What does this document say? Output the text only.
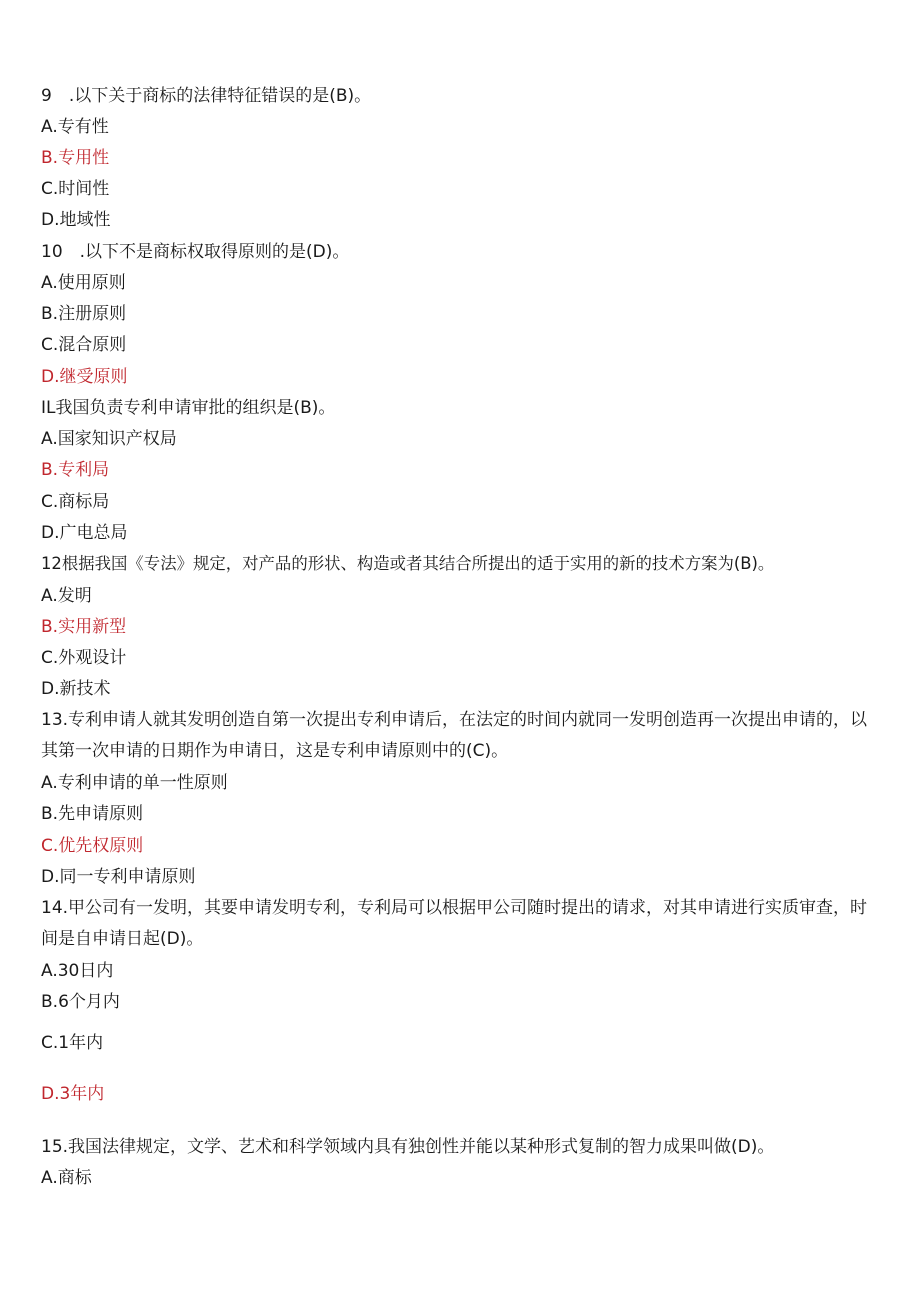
9　.以下关于商标的法律特征错误的是(B)。
A.专有性
B.专用性
C.时间性
D.地域性
10　.以下不是商标权取得原则的是(D)。
A.使用原则
B.注册原则
C.混合原则
D.继受原则
IL我国负责专利申请审批的组织是(B)。
A.国家知识产权局
B.专利局
C.商标局
D.广电总局
12根据我国《专法》规定，对产品的形状、构造或者其结合所提出的适于实用的新的技术方案为(B)。
A.发明
B.实用新型
C.外观设计
D.新技术
13.专利申请人就其发明创造自第一次提出专利申请后，在法定的时间内就同一发明创造再一次提出申请的，以其第一次申请的日期作为申请日，这是专利申请原则中的(C)。
A.专利申请的单一性原则
B.先申请原则
C.优先权原则
D.同一专利申请原则
14.甲公司有一发明，其要申请发明专利，专利局可以根据甲公司随时提出的请求，对其申请进行实质审查，时间是自申请日起(D)。
A.30日内
B.6个月内
C.1年内
D.3年内
15.我国法律规定，文学、艺术和科学领域内具有独创性并能以某种形式复制的智力成果叫做(D)。
A.商标
